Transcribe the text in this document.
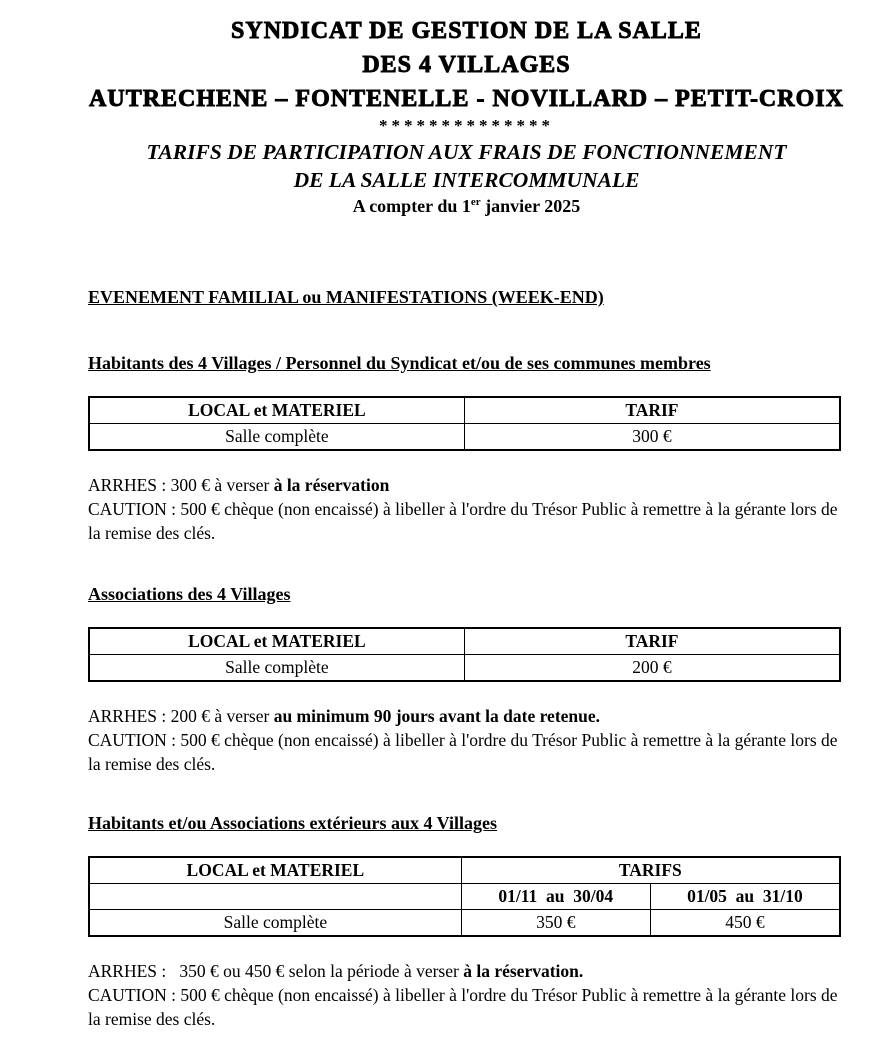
SYNDICAT DE GESTION DE LA SALLE
DES 4 VILLAGES
AUTRECHENE – FONTENELLE - NOVILLARD – PETIT-CROIX
**************
TARIFS DE PARTICIPATION AUX FRAIS DE FONCTIONNEMENT
DE LA SALLE INTERCOMMUNALE
A compter du 1er janvier 2025
EVENEMENT FAMILIAL ou MANIFESTATIONS (WEEK-END)
Habitants des 4 Villages / Personnel du Syndicat et/ou de ses communes membres
LOCAL et MATERIEL	TARIF
Salle complète	300 €

ARRHES : 300 € à verser à la réservation

CAUTION : 500 € chèque (non encaissé) à libeller à l'ordre du Trésor Public à remettre à la gérante lors de la remise des clés.

Associations des 4 Villages
LOCAL et MATERIEL	TARIF
Salle complète	200 €

ARRHES : 200 € à verser au minimum 90 jours avant la date retenue.

CAUTION : 500 € chèque (non encaissé) à libeller à l'ordre du Trésor Public à remettre à la gérante lors de la remise des clés.

Habitants et/ou Associations extérieurs aux 4 Villages
LOCAL et MATERIEL	TARIFS	
	01/11  au  30/04	01/05  au  31/10
Salle complète	350 €	450 €

ARRHES :   350 € ou 450 € selon la période à verser à la réservation.

CAUTION : 500 € chèque (non encaissé) à libeller à l'ordre du Trésor Public à remettre à la gérante lors de la remise des clés.
